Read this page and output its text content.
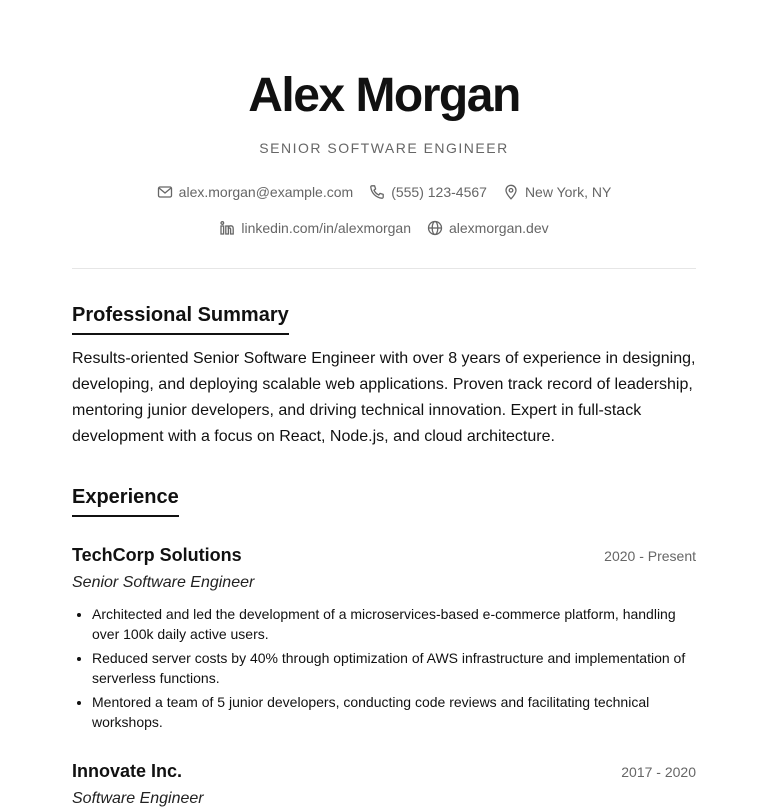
Alex Morgan
SENIOR SOFTWARE ENGINEER
alex.morgan@example.com	(555) 123-4567	New York, NY
linkedin.com/in/alexmorgan	alexmorgan.dev
Professional Summary

Results-oriented Senior Software Engineer with over 8 years of experience in designing, developing, and deploying scalable web applications. Proven track record of leadership, mentoring junior developers, and driving technical innovation. Expert in full-stack development with a focus on React, Node.js, and cloud architecture.

Experience
TechCorp Solutions	2020 - Present
Senior Software Engineer
• Architected and led the development of a microservices-based e-commerce platform, handling over 100k daily active users.
• Reduced server costs by 40% through optimization of AWS infrastructure and implementation of serverless functions.
• Mentored a team of 5 junior developers, conducting code reviews and facilitating technical workshops.
Innovate Inc.	2017 - 2020
Software Engineer
